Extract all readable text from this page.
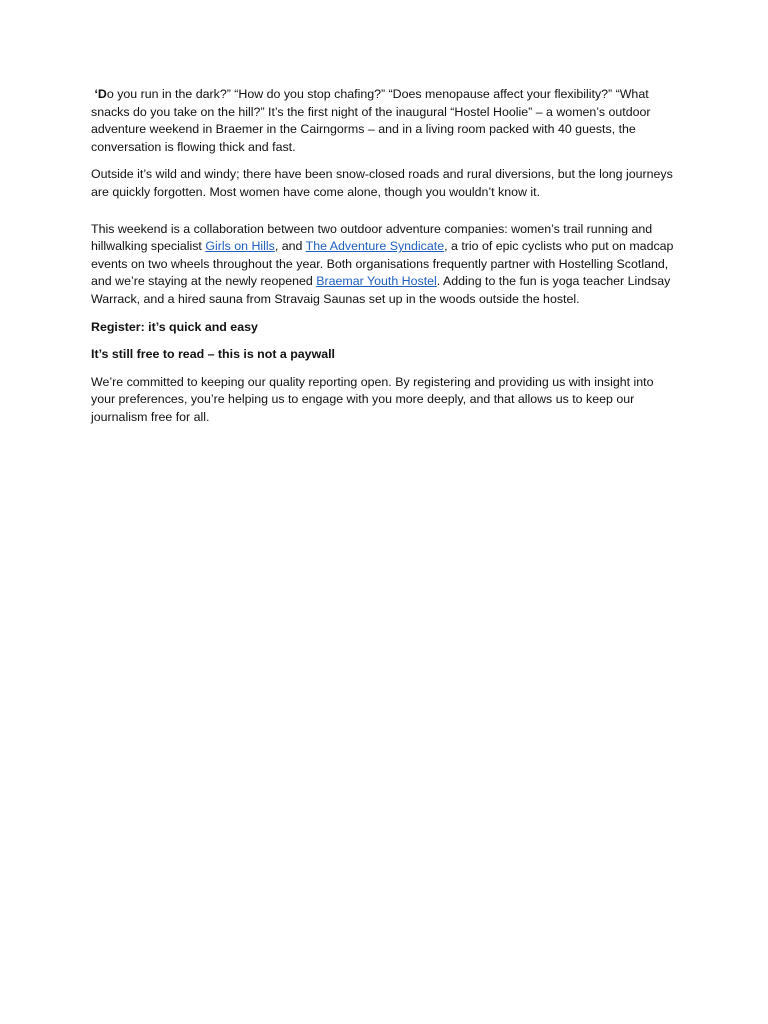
‘Do you run in the dark?” “How do you stop chafing?” “Does menopause affect your flexibility?” “What snacks do you take on the hill?” It’s the first night of the inaugural “Hostel Hoolie” – a women’s outdoor adventure weekend in Braemer in the Cairngorms – and in a living room packed with 40 guests, the conversation is flowing thick and fast.

Outside it’s wild and windy; there have been snow-closed roads and rural diversions, but the long journeys are quickly forgotten. Most women have come alone, though you wouldn’t know it.

This weekend is a collaboration between two outdoor adventure companies: women’s trail running and hillwalking specialist Girls on Hills, and The Adventure Syndicate, a trio of epic cyclists who put on madcap events on two wheels throughout the year. Both organisations frequently partner with Hostelling Scotland, and we’re staying at the newly reopened Braemar Youth Hostel. Adding to the fun is yoga teacher Lindsay Warrack, and a hired sauna from Stravaig Saunas set up in the woods outside the hostel.

Register: it’s quick and easy

It’s still free to read – this is not a paywall

We’re committed to keeping our quality reporting open. By registering and providing us with insight into your preferences, you’re helping us to engage with you more deeply, and that allows us to keep our journalism free for all.
